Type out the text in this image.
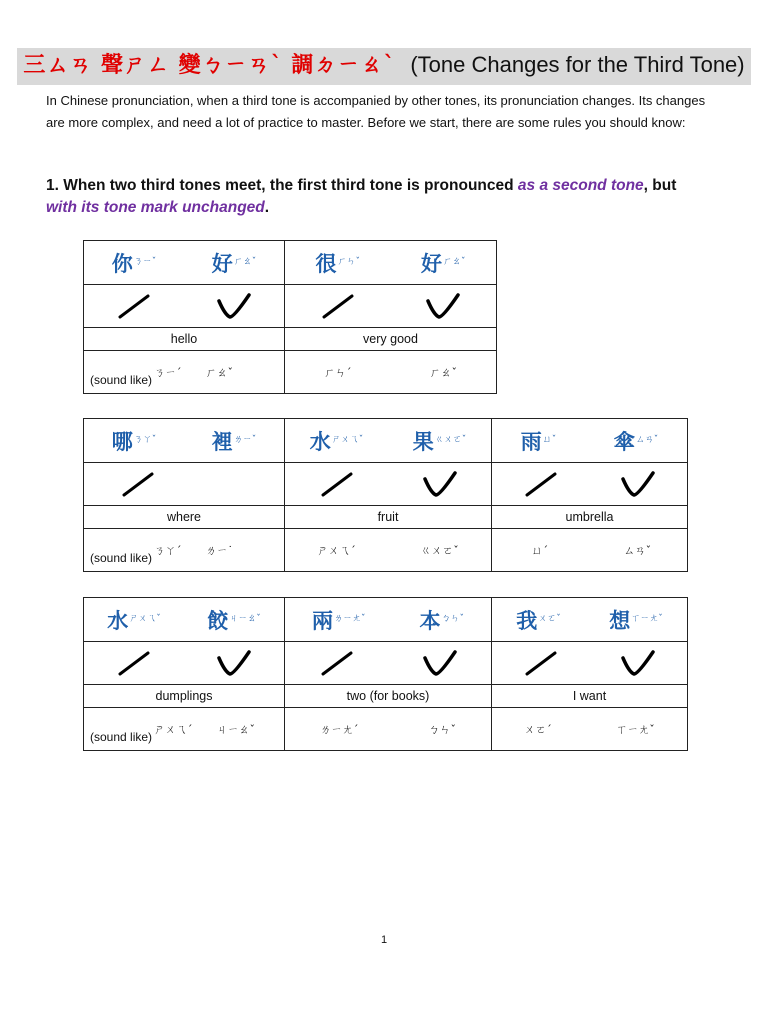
三ㄙㄢ 聲ㄕㄥ 變ㄅㄧㄢˋ 調ㄉㄧㄠˋ (Tone Changes for the Third Tone)
In Chinese pronunciation, when a third tone is accompanied by other tones, its pronunciation changes. Its changes are more complex, and need a lot of practice to master. Before we start, there are some rules you should know:
1. When two third tones meet, the first third tone is pronounced as a second tone, but
with its tone mark unchanged.
你$^{ㄋㄧˇ}$ 好$^{ㄏㄠˇ}$	很$^{ㄏㄣˇ}$ 好$^{ㄏㄠˇ}$

hello	very good

(sound like)
ㄋㄧˊ ㄏㄠˇ	ㄏㄣˊ ㄏㄠˇ
哪$^{ㄋㄚˇ}$ 裡$^{ㄌㄧˇ}$	水$^{ㄕㄨㄟˇ}$ 果$^{ㄍㄨㄛˇ}$	雨$^{ㄩˇ}$ 傘$^{ㄙㄢˇ}$

where	fruit	umbrella

(sound like)
ㄋㄚˊ ㄌㄧ˙	ㄕㄨㄟˊ ㄍㄨㄛˇ	ㄩˊ ㄙㄢˇ
水$^{ㄕㄨㄟˇ}$ 餃$^{ㄐㄧㄠˇ}$	兩$^{ㄌㄧㄤˇ}$ 本$^{ㄅㄣˇ}$	我$^{ㄨㄛˇ}$ 想$^{ㄒㄧㄤˇ}$

dumplings	two (for books)	I want

(sound like)
ㄕㄨㄟˊ ㄐㄧㄠˇ	ㄌㄧㄤˊ ㄅㄣˇ	ㄨㄛˊ ㄒㄧㄤˇ
1
